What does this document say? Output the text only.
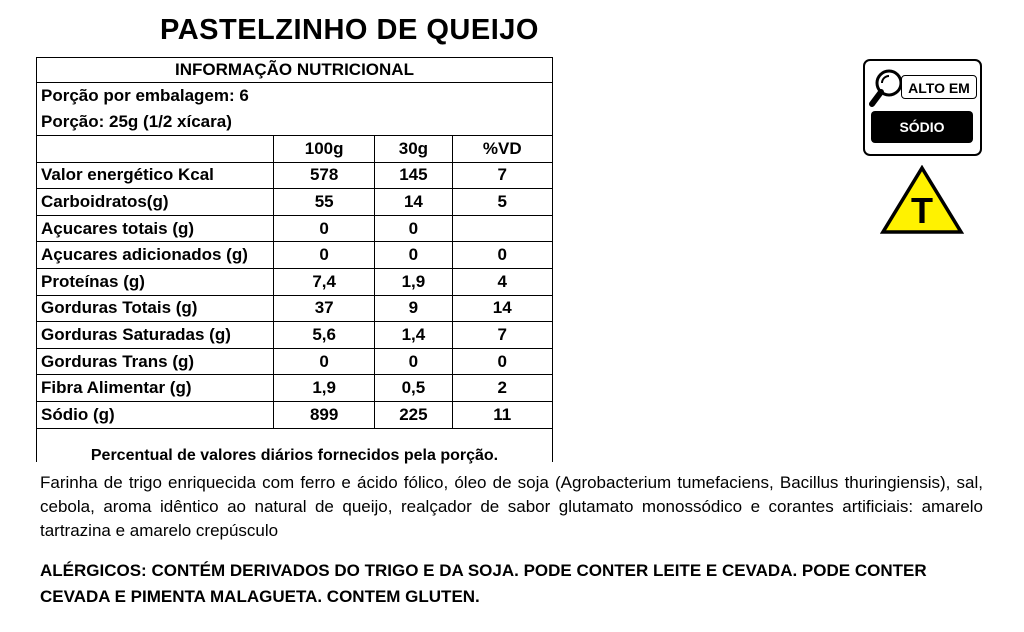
PASTELZINHO DE QUEIJO
INFORMAÇÃO NUTRICIONAL
Porção por embalagem: 6
Porção: 25g (1/2 xícara)
	100g	30g	%VD
Valor energético Kcal	578	145	7
Carboidratos(g)	55	14	5
Açucares totais (g)	0	0	
Açucares adicionados (g)	0	0	0
Proteínas (g)	7,4	1,9	4
Gorduras Totais (g)	37	9	14
Gorduras Saturadas (g)	5,6	1,4	7
Gorduras Trans (g)	0	0	0
Fibra Alimentar (g)	1,9	0,5	2
Sódio (g)	899	225	11
Percentual de valores diários fornecidos pela porção.
Farinha de trigo enriquecida com ferro e ácido fólico, óleo de soja (Agrobacterium tumefaciens, Bacillus thuringiensis), sal, cebola, aroma idêntico ao natural de queijo, realçador de sabor glutamato monossódico e corantes artificiais: amarelo tartrazina e amarelo crepúsculo
ALÉRGICOS: CONTÉM DERIVADOS DO TRIGO E DA SOJA. PODE CONTER LEITE E CEVADA. PODE CONTER CEVADA E PIMENTA MALAGUETA. CONTEM GLUTEN.
ALTO EM
SÓDIO
T
